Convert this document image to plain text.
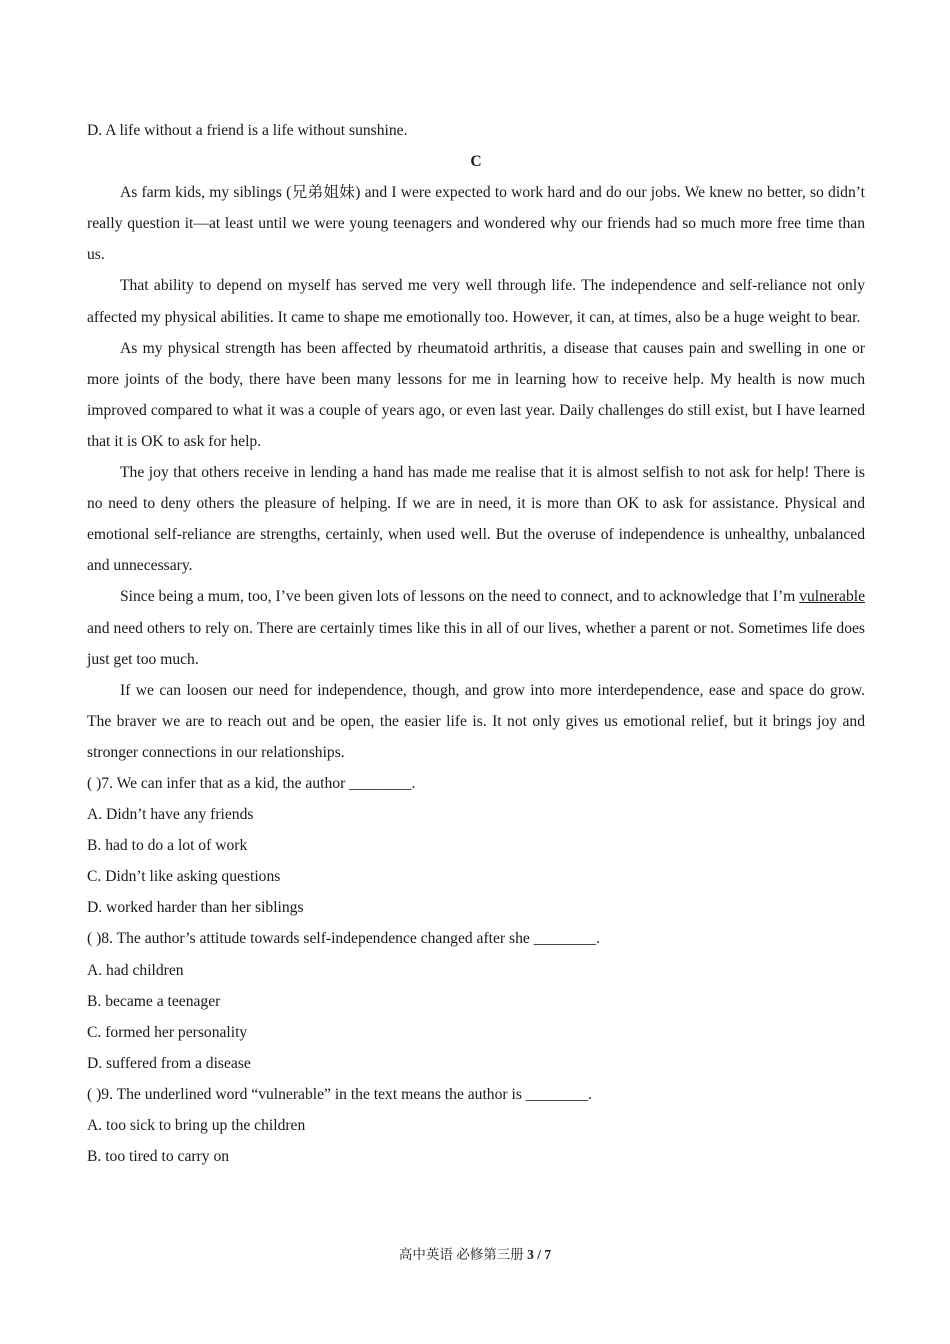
D. A life without a friend is a life without sunshine.

C

As farm kids, my siblings (兄弟姐妹) and I were expected to work hard and do our jobs. We knew no better, so didn’t really question it—at least until we were young teenagers and wondered why our friends had so much more free time than us.

That ability to depend on myself has served me very well through life. The independence and self-reliance not only affected my physical abilities. It came to shape me emotionally too. However, it can, at times, also be a huge weight to bear.

As my physical strength has been affected by rheumatoid arthritis, a disease that causes pain and swelling in one or more joints of the body, there have been many lessons for me in learning how to receive help. My health is now much improved compared to what it was a couple of years ago, or even last year. Daily challenges do still exist, but I have learned that it is OK to ask for help.

The joy that others receive in lending a hand has made me realise that it is almost selfish to not ask for help! There is no need to deny others the pleasure of helping. If we are in need, it is more than OK to ask for assistance. Physical and emotional self-reliance are strengths, certainly, when used well. But the overuse of independence is unhealthy, unbalanced and unnecessary.

Since being a mum, too, I’ve been given lots of lessons on the need to connect, and to acknowledge that I’m vulnerable and need others to rely on. There are certainly times like this in all of our lives, whether a parent or not. Sometimes life does just get too much.

If we can loosen our need for independence, though, and grow into more interdependence, ease and space do grow. The braver we are to reach out and be open, the easier life is. It not only gives us emotional relief, but it brings joy and stronger connections in our relationships.

( )7. We can infer that as a kid, the author ________.

A. Didn’t have any friends

B. had to do a lot of work

C. Didn’t like asking questions

D. worked harder than her siblings

( )8. The author’s attitude towards self-independence changed after she ________.

A. had children

B. became a teenager

C. formed her personality

D. suffered from a disease

( )9. The underlined word “vulnerable” in the text means the author is ________.

A. too sick to bring up the children

B. too tired to carry on

高中英语 必修第三册 3 / 7
